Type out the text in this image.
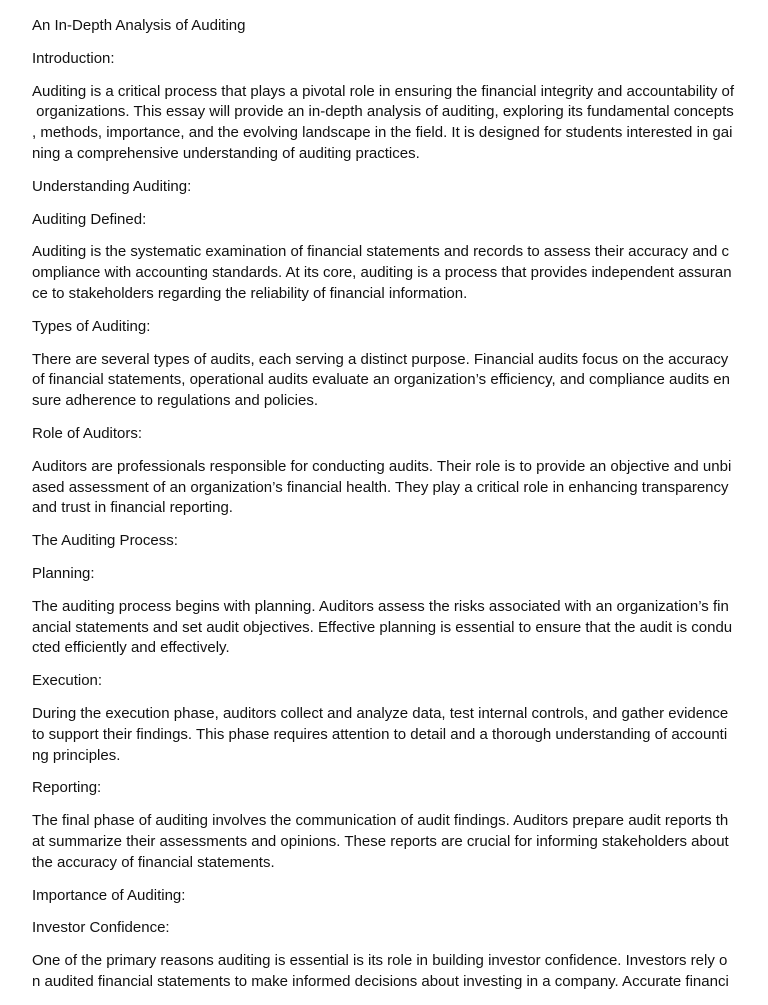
An In-Depth Analysis of Auditing
Introduction:
Auditing is a critical process that plays a pivotal role in ensuring the financial integrity and accountability of
organizations. This essay will provide an in-depth analysis of auditing, exploring its fundamental concepts
, methods, importance, and the evolving landscape in the field. It is designed for students interested in gai
ning a comprehensive understanding of auditing practices.
Understanding Auditing:
Auditing Defined:
Auditing is the systematic examination of financial statements and records to assess their accuracy and c
ompliance with accounting standards. At its core, auditing is a process that provides independent assuran
ce to stakeholders regarding the reliability of financial information.
Types of Auditing:
There are several types of audits, each serving a distinct purpose. Financial audits focus on the accuracy
of financial statements, operational audits evaluate an organization’s efficiency, and compliance audits en
sure adherence to regulations and policies.
Role of Auditors:
Auditors are professionals responsible for conducting audits. Their role is to provide an objective and unbi
ased assessment of an organization’s financial health. They play a critical role in enhancing transparency
and trust in financial reporting.
The Auditing Process:
Planning:
The auditing process begins with planning. Auditors assess the risks associated with an organization’s fin
ancial statements and set audit objectives. Effective planning is essential to ensure that the audit is condu
cted efficiently and effectively.
Execution:
During the execution phase, auditors collect and analyze data, test internal controls, and gather evidence
to support their findings. This phase requires attention to detail and a thorough understanding of accounti
ng principles.
Reporting:
The final phase of auditing involves the communication of audit findings. Auditors prepare audit reports th
at summarize their assessments and opinions. These reports are crucial for informing stakeholders about
the accuracy of financial statements.
Importance of Auditing:
Investor Confidence:
One of the primary reasons auditing is essential is its role in building investor confidence. Investors rely o
n audited financial statements to make informed decisions about investing in a company. Accurate financi
